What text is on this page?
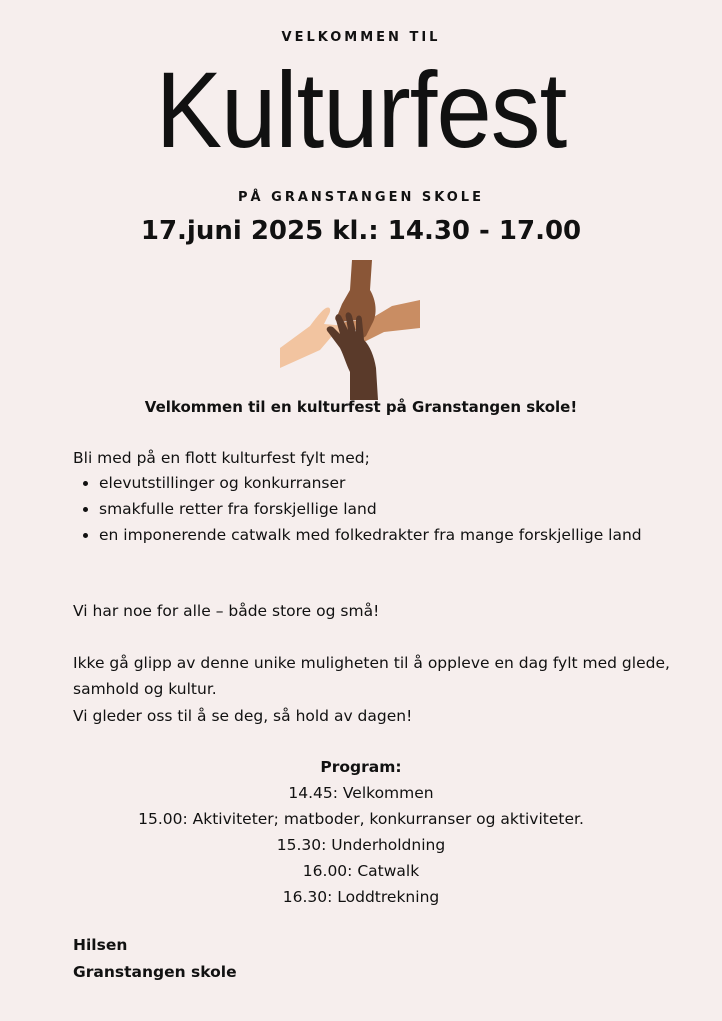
VELKOMMEN TIL
Kulturfest
PÅ GRANSTANGEN SKOLE
17.juni 2025 kl.: 14.30 - 17.00
Velkommen til en kulturfest på Granstangen skole!
Bli med på en flott kulturfest fylt med;
• elevutstillinger og konkurranser
• smakfulle retter fra forskjellige land
• en imponerende catwalk med folkedrakter fra mange forskjellige land
Vi har noe for alle – både store og små!
Ikke gå glipp av denne unike muligheten til å oppleve en dag fylt med glede, samhold og kultur.
Vi gleder oss til å se deg, så hold av dagen!
Program:
14.45: Velkommen
15.00: Aktiviteter; matboder, konkurranser og aktiviteter.
15.30: Underholdning
16.00: Catwalk
16.30: Loddtrekning
Hilsen
Granstangen skole
